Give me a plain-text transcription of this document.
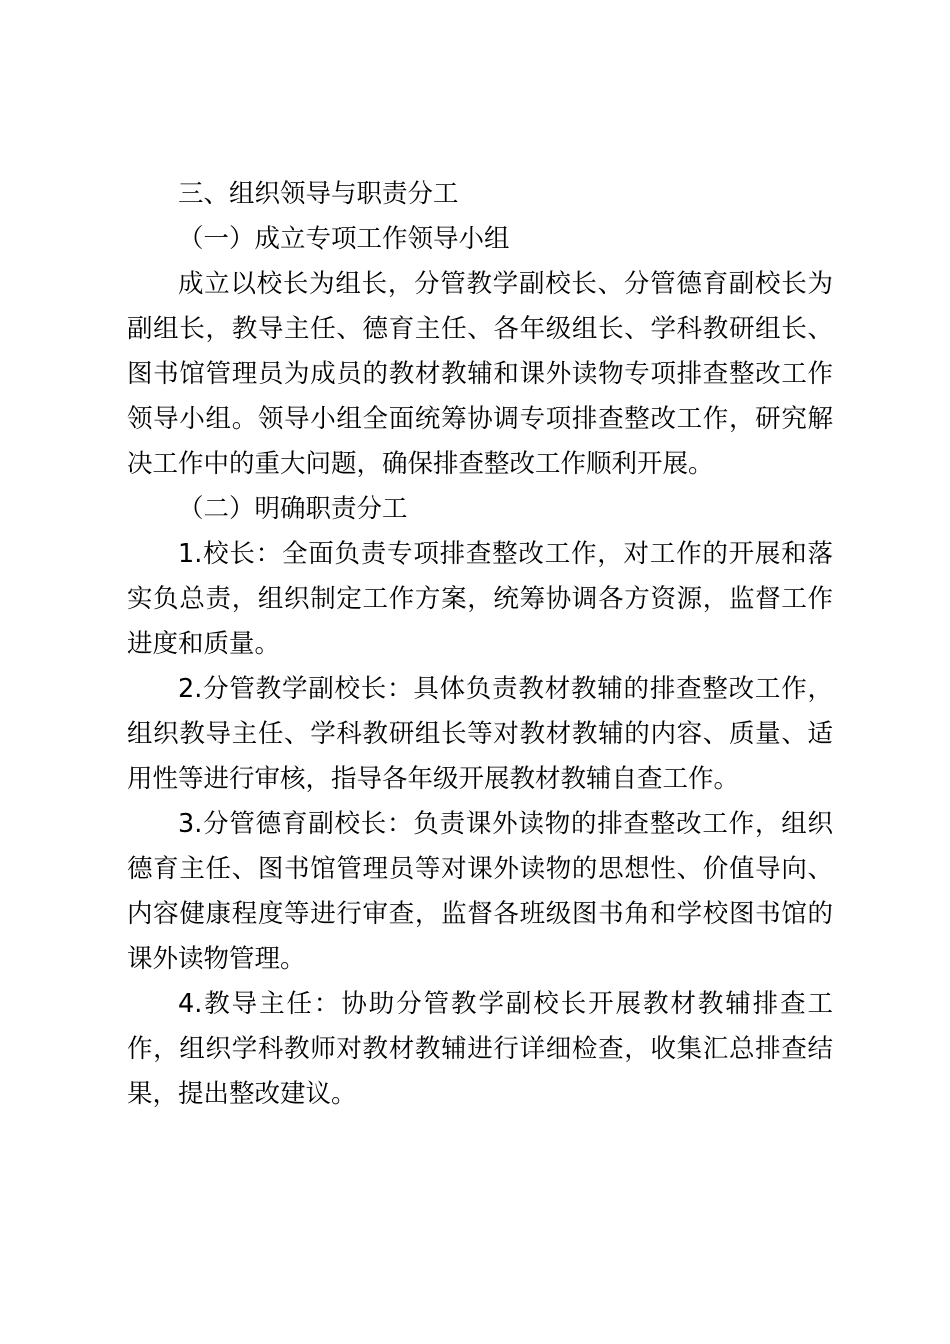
三、组织领导与职责分工

（一）成立专项工作领导小组

成立以校长为组长，分管教学副校长、分管德育副校长为副组长，教导主任、德育主任、各年级组长、学科教研组长、图书馆管理员为成员的教材教辅和课外读物专项排查整改工作领导小组。领导小组全面统筹协调专项排查整改工作，研究解决工作中的重大问题，确保排查整改工作顺利开展。

（二）明确职责分工

1.校长：全面负责专项排查整改工作，对工作的开展和落实负总责，组织制定工作方案，统筹协调各方资源，监督工作进度和质量。

2.分管教学副校长：具体负责教材教辅的排查整改工作，组织教导主任、学科教研组长等对教材教辅的内容、质量、适用性等进行审核，指导各年级开展教材教辅自查工作。

3.分管德育副校长：负责课外读物的排查整改工作，组织德育主任、图书馆管理员等对课外读物的思想性、价值导向、内容健康程度等进行审查，监督各班级图书角和学校图书馆的课外读物管理。

4.教导主任：协助分管教学副校长开展教材教辅排查工作，组织学科教师对教材教辅进行详细检查，收集汇总排查结果，提出整改建议。
